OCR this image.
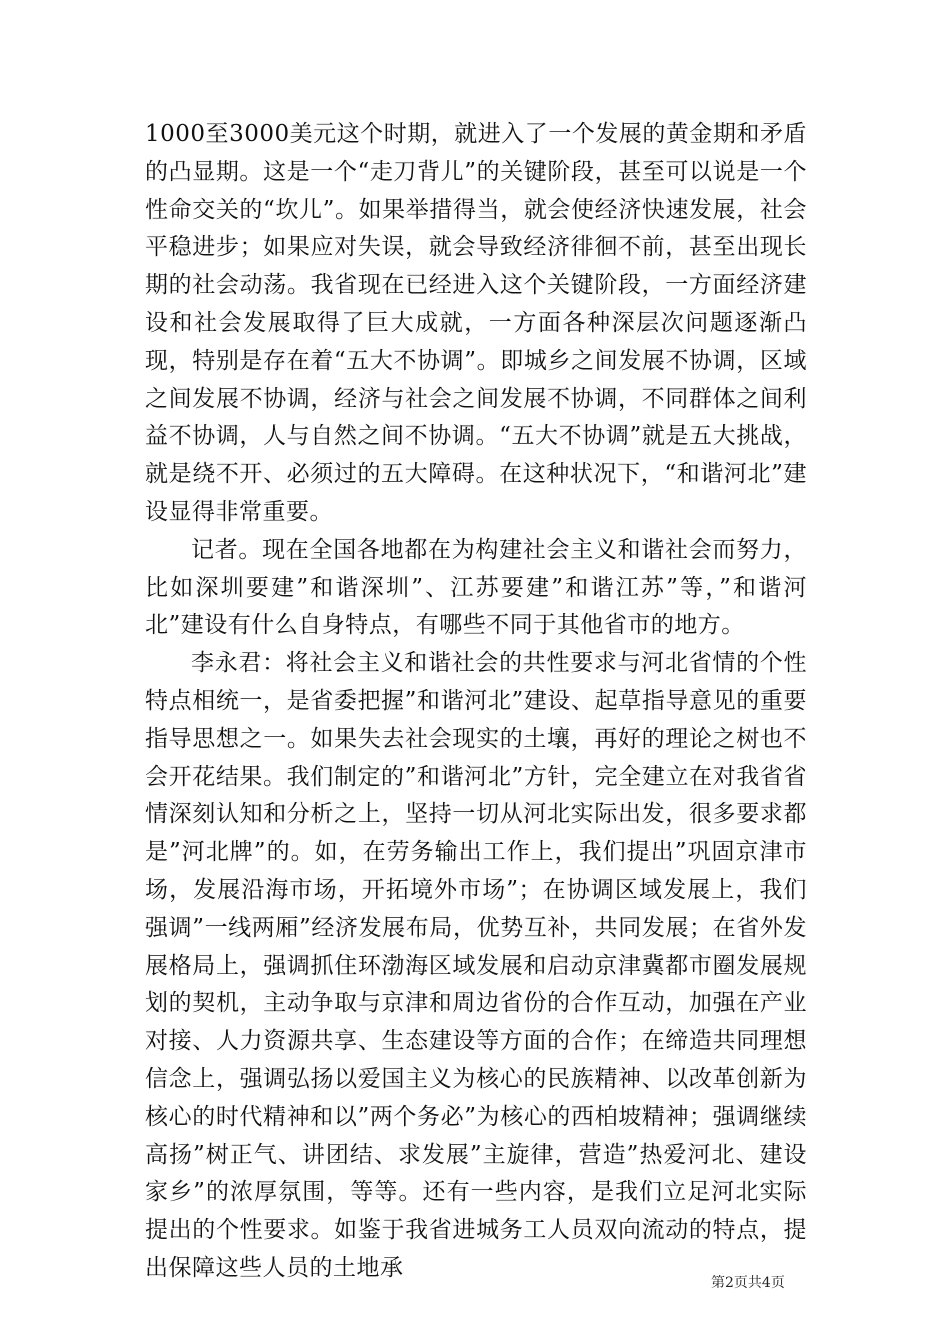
1000至3000美元这个时期，就进入了一个发展的黄金期和矛盾的凸显期。这是一个“走刀背儿”的关键阶段，甚至可以说是一个性命交关的“坎儿”。如果举措得当，就会使经济快速发展，社会平稳进步；如果应对失误，就会导致经济徘徊不前，甚至出现长期的社会动荡。我省现在已经进入这个关键阶段，一方面经济建设和社会发展取得了巨大成就，一方面各种深层次问题逐渐凸现，特别是存在着“五大不协调”。即城乡之间发展不协调，区域之间发展不协调，经济与社会之间发展不协调，不同群体之间利益不协调，人与自然之间不协调。“五大不协调”就是五大挑战，就是绕不开、必须过的五大障碍。在这种状况下，“和谐河北”建设显得非常重要。

记者。现在全国各地都在为构建社会主义和谐社会而努力，比如深圳要建”和谐深圳”、江苏要建”和谐江苏”等，”和谐河北”建设有什么自身特点，有哪些不同于其他省市的地方。

李永君：将社会主义和谐社会的共性要求与河北省情的个性特点相统一，是省委把握”和谐河北”建设、起草指导意见的重要指导思想之一。如果失去社会现实的土壤，再好的理论之树也不会开花结果。我们制定的”和谐河北”方针，完全建立在对我省省情深刻认知和分析之上，坚持一切从河北实际出发，很多要求都是”河北牌”的。如，在劳务输出工作上，我们提出”巩固京津市场，发展沿海市场，开拓境外市场”；在协调区域发展上，我们强调”一线两厢”经济发展布局，优势互补，共同发展；在省外发展格局上，强调抓住环渤海区域发展和启动京津冀都市圈发展规划的契机，主动争取与京津和周边省份的合作互动，加强在产业对接、人力资源共享、生态建设等方面的合作；在缔造共同理想信念上，强调弘扬以爱国主义为核心的民族精神、以改革创新为核心的时代精神和以”两个务必”为核心的西柏坡精神；强调继续高扬”树正气、讲团结、求发展”主旋律，营造”热爱河北、建设家乡”的浓厚氛围，等等。还有一些内容，是我们立足河北实际提出的个性要求。如鉴于我省进城务工人员双向流动的特点，提出保障这些人员的土地承

第2页共4页
